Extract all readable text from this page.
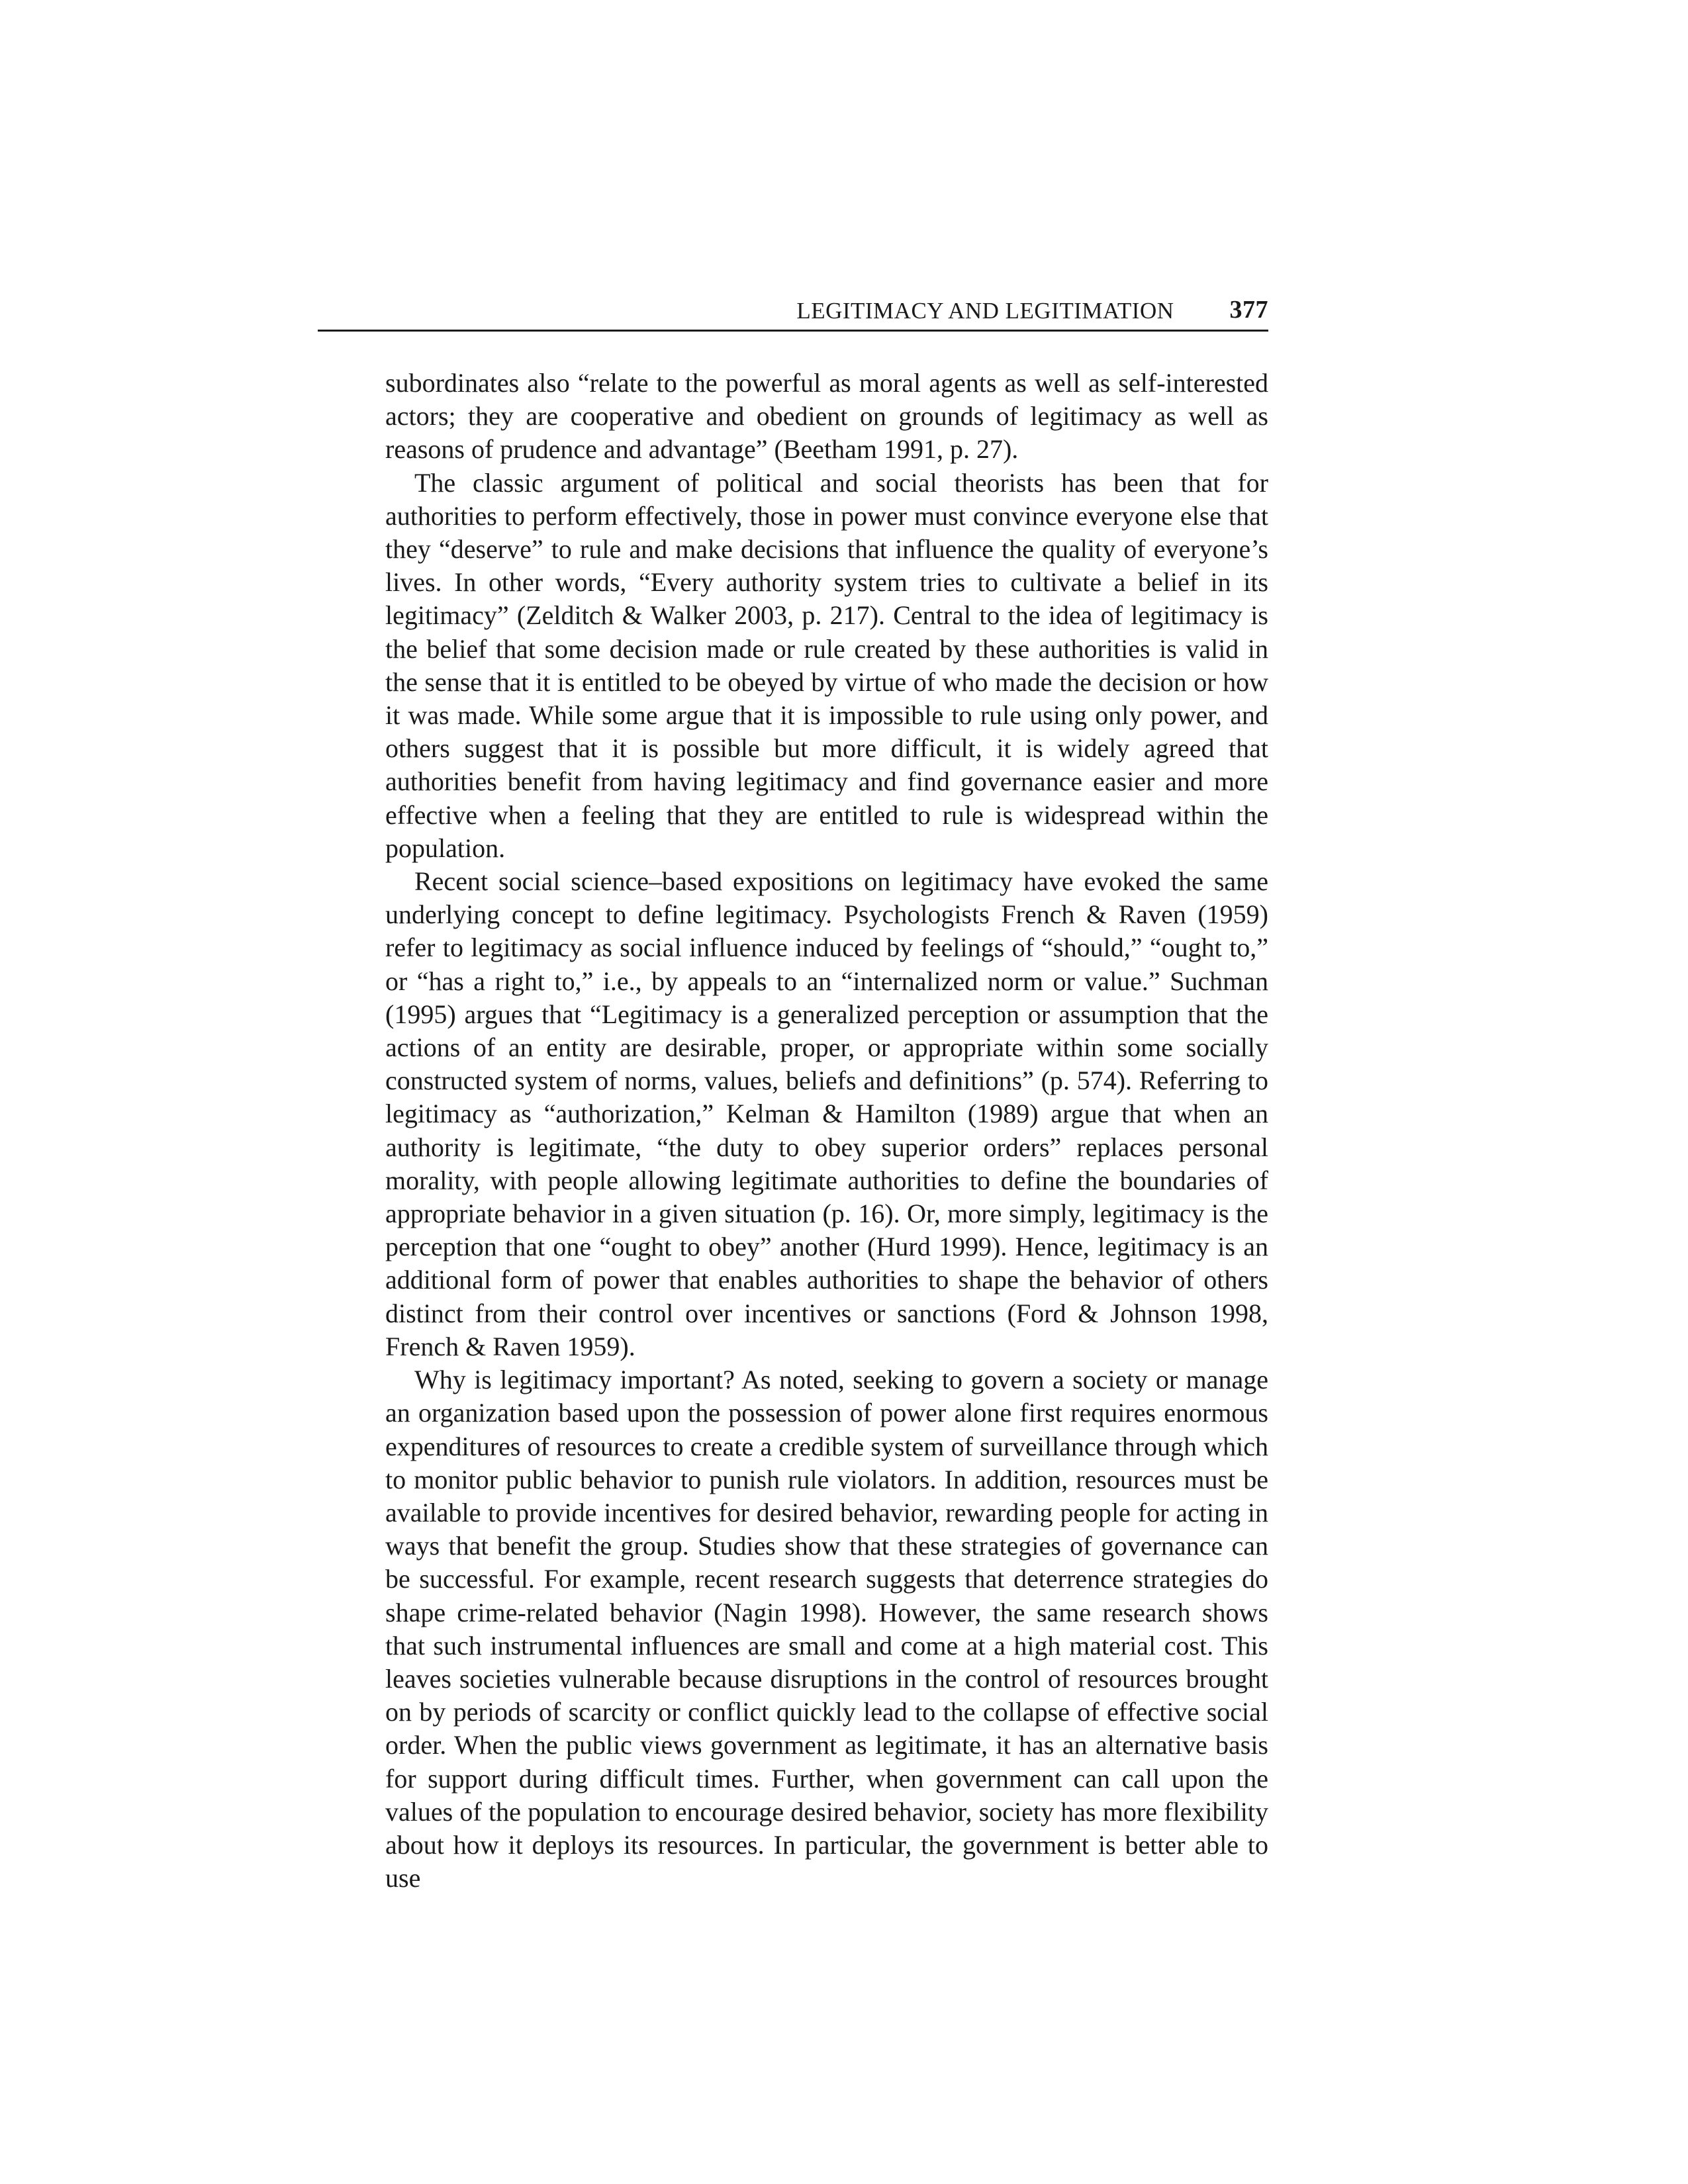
LEGITIMACY AND LEGITIMATION 377

subordinates also “relate to the powerful as moral agents as well as self-interested actors; they are cooperative and obedient on grounds of legitimacy as well as reasons of prudence and advantage” (Beetham 1991, p. 27).

The classic argument of political and social theorists has been that for authorities to perform effectively, those in power must convince everyone else that they “deserve” to rule and make decisions that influence the quality of everyone’s lives. In other words, “Every authority system tries to cultivate a belief in its legitimacy” (Zelditch & Walker 2003, p. 217). Central to the idea of legitimacy is the belief that some decision made or rule created by these authorities is valid in the sense that it is entitled to be obeyed by virtue of who made the decision or how it was made. While some argue that it is impossible to rule using only power, and others suggest that it is possible but more difficult, it is widely agreed that authorities benefit from having legitimacy and find governance easier and more effective when a feeling that they are entitled to rule is widespread within the population.

Recent social science–based expositions on legitimacy have evoked the same underlying concept to define legitimacy. Psychologists French & Raven (1959) refer to legitimacy as social influence induced by feelings of “should,” “ought to,” or “has a right to,” i.e., by appeals to an “internalized norm or value.” Suchman (1995) argues that “Legitimacy is a generalized perception or assumption that the actions of an entity are desirable, proper, or appropriate within some socially constructed system of norms, values, beliefs and definitions” (p. 574). Referring to legitimacy as “authorization,” Kelman & Hamilton (1989) argue that when an authority is legitimate, “the duty to obey superior orders” replaces personal morality, with people allowing legitimate authorities to define the boundaries of appropriate behavior in a given situation (p. 16). Or, more simply, legitimacy is the perception that one “ought to obey” another (Hurd 1999). Hence, legitimacy is an additional form of power that enables authorities to shape the behavior of others distinct from their control over incentives or sanctions (Ford & Johnson 1998, French & Raven 1959).

Why is legitimacy important? As noted, seeking to govern a society or manage an organization based upon the possession of power alone first requires enormous expenditures of resources to create a credible system of surveillance through which to monitor public behavior to punish rule violators. In addition, resources must be available to provide incentives for desired behavior, rewarding people for acting in ways that benefit the group. Studies show that these strategies of governance can be successful. For example, recent research suggests that deterrence strategies do shape crime-related behavior (Nagin 1998). However, the same research shows that such instrumental influences are small and come at a high material cost. This leaves societies vulnerable because disruptions in the control of resources brought on by periods of scarcity or conflict quickly lead to the collapse of effective social order. When the public views government as legitimate, it has an alternative basis for support during difficult times. Further, when government can call upon the values of the population to encourage desired behavior, society has more flexibility about how it deploys its resources. In particular, the government is better able to use
